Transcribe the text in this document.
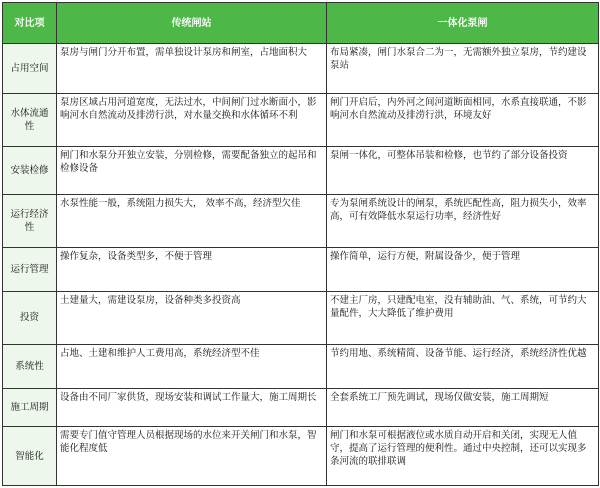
对比项	传统闸站	一体化泵闸
占用空间	泵房与闸门分开布置，需单独设计泵房和闸室，占地面积大	布局紧凑，闸门水泵合二为一，无需额外独立泵房，节约建设泵站
水体流通性	泵房区域占用河道宽度，无法过水，中间闸门过水断面小，影响河水自然流动及排涝行洪，对水量交换和水体循环不利	闸门开启后，内外河之间河道断面相同，水系直接联通，不影响河水自然流动及排涝行洪，环境友好
安装检修	闸门和水泵分开独立安装，分别检修，需要配备独立的起吊和检修设备	泵闸一体化，可整体吊装和检修，也节约了部分设备投资
运行经济性	水泵性能一般，系统阻力损失大， 效率不高，经济型欠佳	专为泵闸系统设计的闸泵，系统匹配性高，阻力损失小，效率高，可有效降低水泵运行功率，经济性好
运行管理	操作复杂，设备类型多，不便于管理	操作简单，运行方便，附属设备少，便于管理
投资	土建量大，需建设泵房，设备种类多投资高	不建主厂房，只建配电室，没有辅助油、气、系统，可节约大量配件，大大降低了维护费用
系统性	占地、土建和维护人工费用高，系统经济型不佳	节约用地、系统精简、设备节能、运行经济，系统经济性优越
施工周期	设备由不同厂家供货，现场安装和调试工作量大，施工周期长	全套系统工厂预先调试，现场仅做安装，施工周期短
智能化	需要专门值守管理人员根据现场的水位来开关闸门和水泵，智能化程度低	闸门和水泵可根据液位或水质自动开启和关闭，实现无人值守，提高了运行管理的便利性。通过中央控制，还可以实现多条河流的联排联调
